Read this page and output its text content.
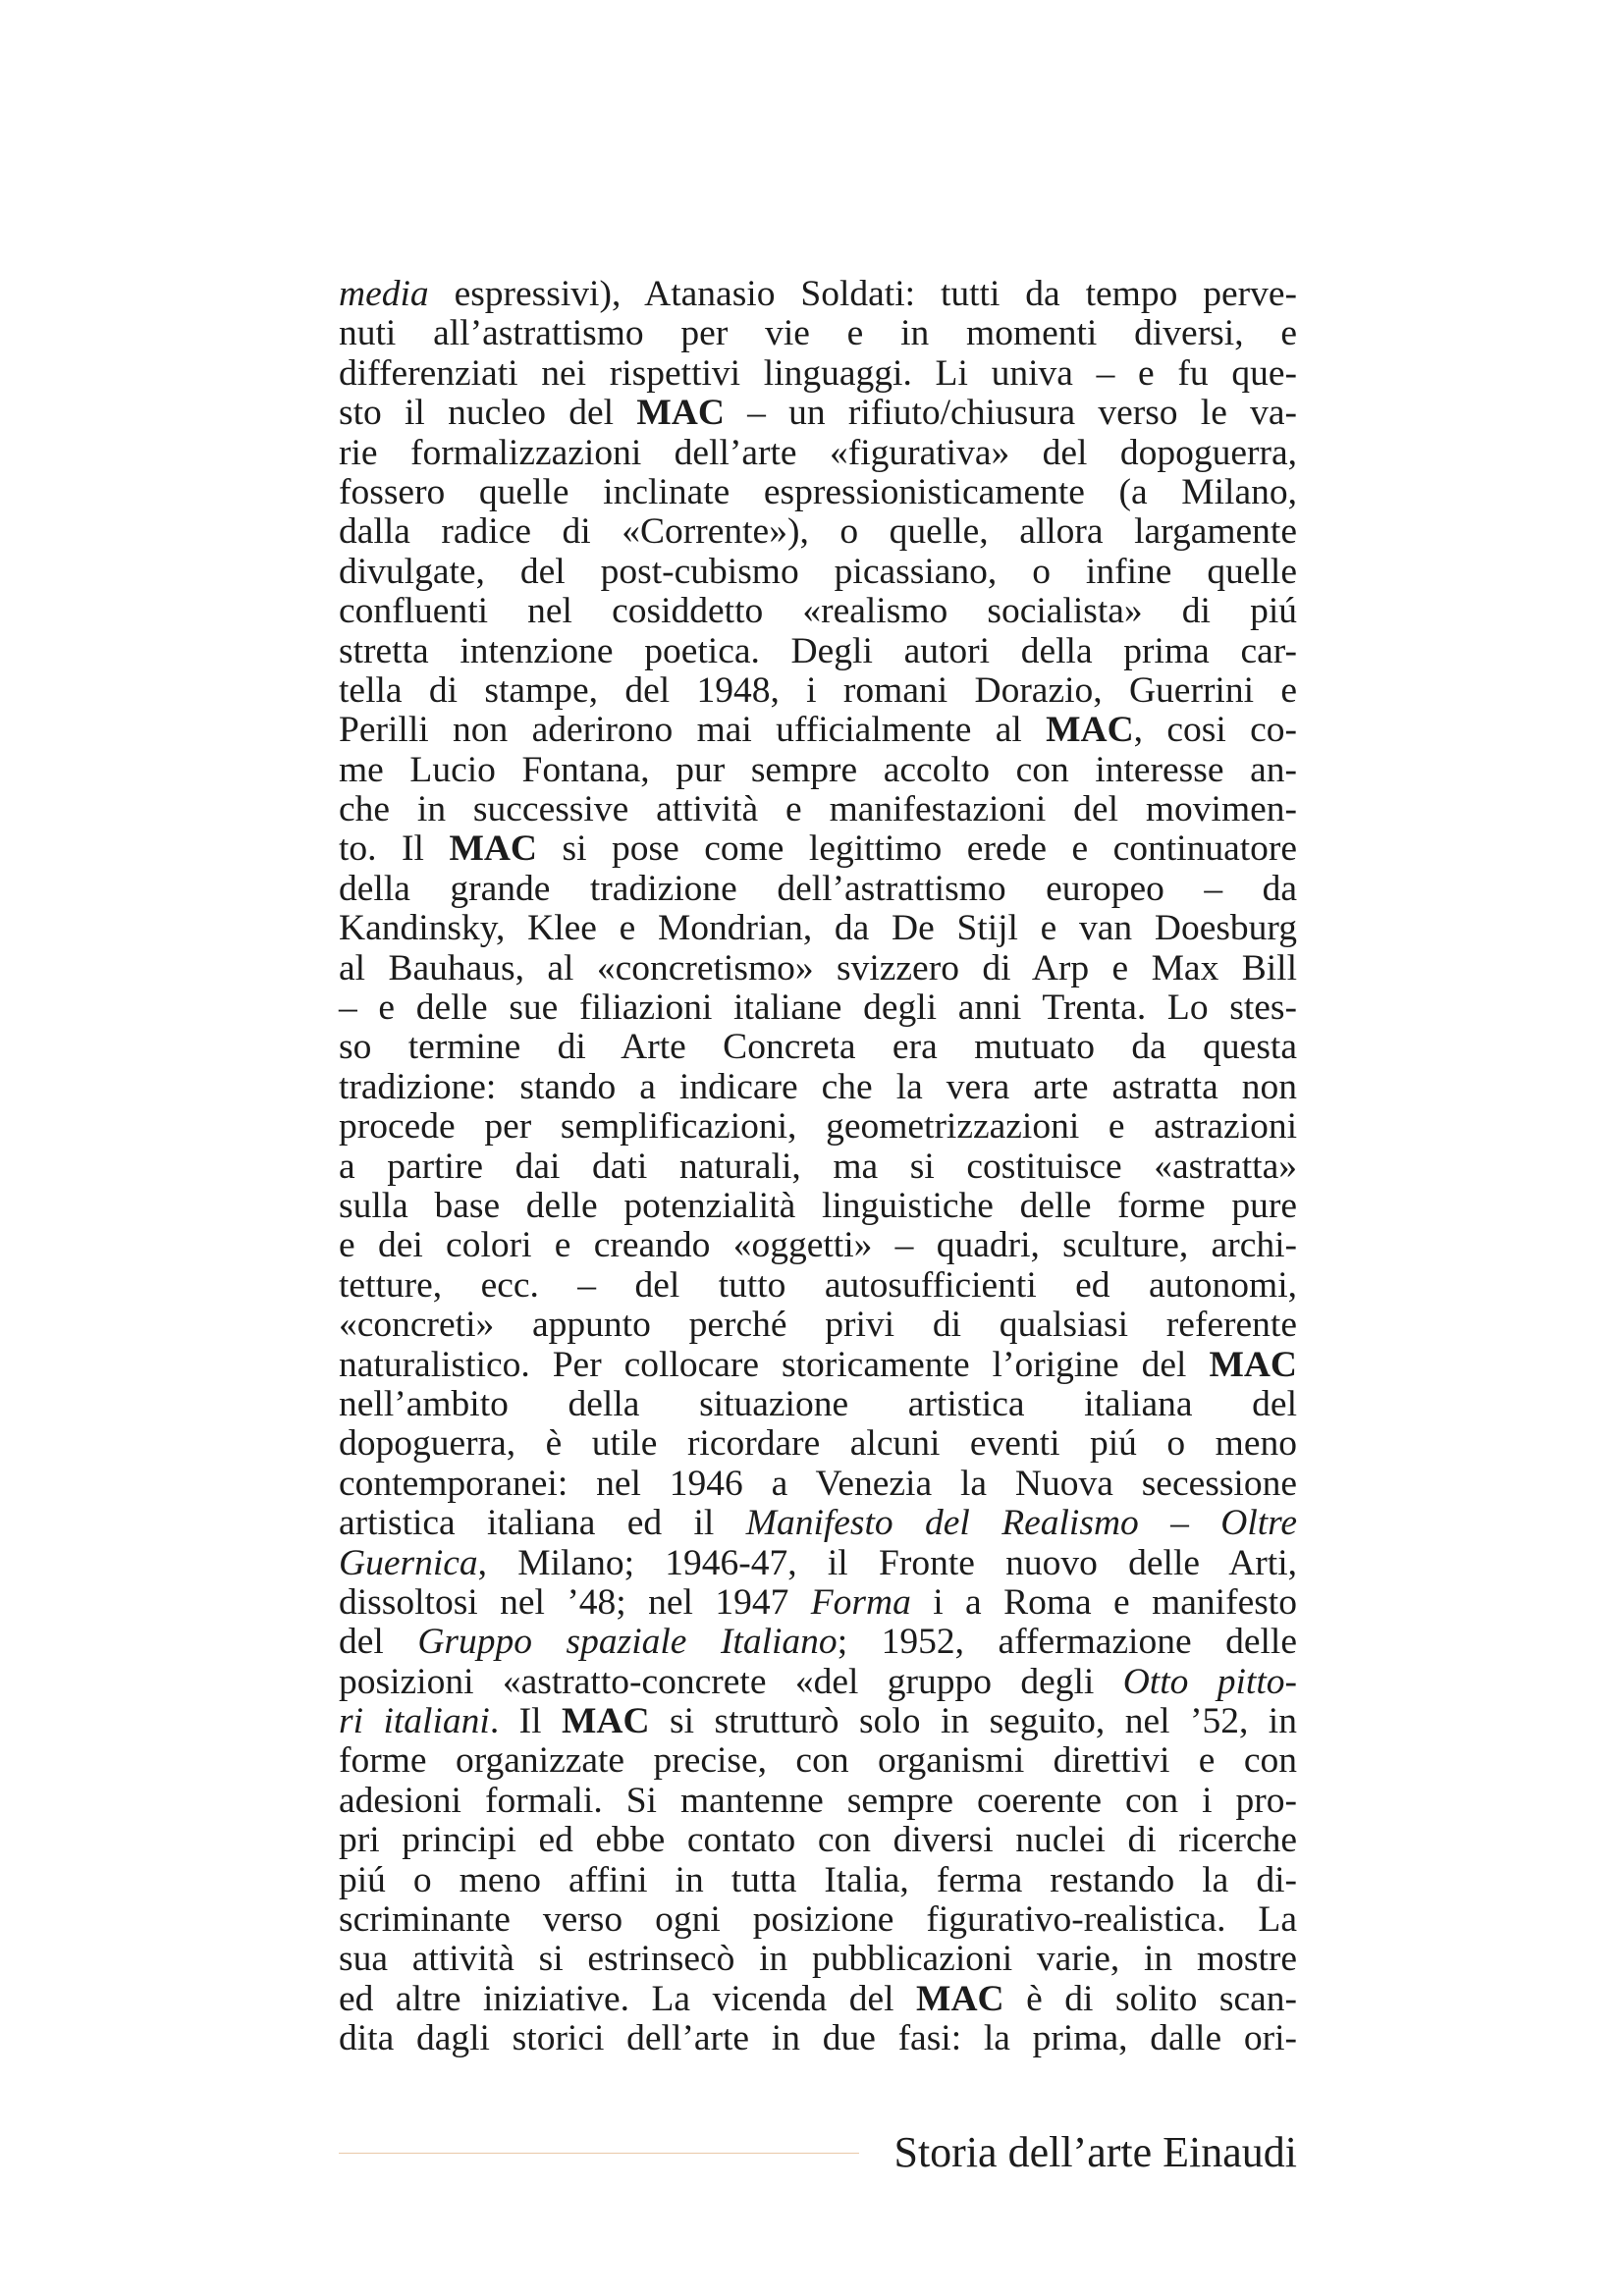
media espressivi), Atanasio Soldati: tutti da tempo perve-
nuti all’astrattismo per vie e in momenti diversi, e
differenziati nei rispettivi linguaggi. Li univa – e fu que-
sto il nucleo del MAC – un rifiuto/chiusura verso le va-
rie formalizzazioni dell’arte «figurativa» del dopoguerra,
fossero quelle inclinate espressionisticamente (a Milano,
dalla radice di «Corrente»), o quelle, allora largamente
divulgate, del post-cubismo picassiano, o infine quelle
confluenti nel cosiddetto «realismo socialista» di piú
stretta intenzione poetica. Degli autori della prima car-
tella di stampe, del 1948, i romani Dorazio, Guerrini e
Perilli non aderirono mai ufficialmente al MAC, cosi co-
me Lucio Fontana, pur sempre accolto con interesse an-
che in successive attività e manifestazioni del movimen-
to. Il MAC si pose come legittimo erede e continuatore
della grande tradizione dell’astrattismo europeo – da
Kandinsky, Klee e Mondrian, da De Stijl e van Doesburg
al Bauhaus, al «concretismo» svizzero di Arp e Max Bill
– e delle sue filiazioni italiane degli anni Trenta. Lo stes-
so termine di Arte Concreta era mutuato da questa
tradizione: stando a indicare che la vera arte astratta non
procede per semplificazioni, geometrizzazioni e astrazioni
a partire dai dati naturali, ma si costituisce «astratta»
sulla base delle potenzialità linguistiche delle forme pure
e dei colori e creando «oggetti» – quadri, sculture, archi-
tetture, ecc. – del tutto autosufficienti ed autonomi,
«concreti» appunto perché privi di qualsiasi referente
naturalistico. Per collocare storicamente l’origine del MAC
nell’ambito della situazione artistica italiana del
dopoguerra, è utile ricordare alcuni eventi piú o meno
contemporanei: nel 1946 a Venezia la Nuova secessione
artistica italiana ed il Manifesto del Realismo – Oltre
Guernica, Milano; 1946-47, il Fronte nuovo delle Arti,
dissoltosi nel ’48; nel 1947 Forma i a Roma e manifesto
del Gruppo spaziale Italiano; 1952, affermazione delle
posizioni «astratto-concrete «del gruppo degli Otto pitto-
ri italiani. Il MAC si strutturò solo in seguito, nel ’52, in
forme organizzate precise, con organismi direttivi e con
adesioni formali. Si mantenne sempre coerente con i pro-
pri principi ed ebbe contato con diversi nuclei di ricerche
piú o meno affini in tutta Italia, ferma restando la di-
scriminante verso ogni posizione figurativo-realistica. La
sua attività si estrinsecò in pubblicazioni varie, in mostre
ed altre iniziative. La vicenda del MAC è di solito scan-
dita dagli storici dell’arte in due fasi: la prima, dalle ori-
Storia dell’arte Einaudi
